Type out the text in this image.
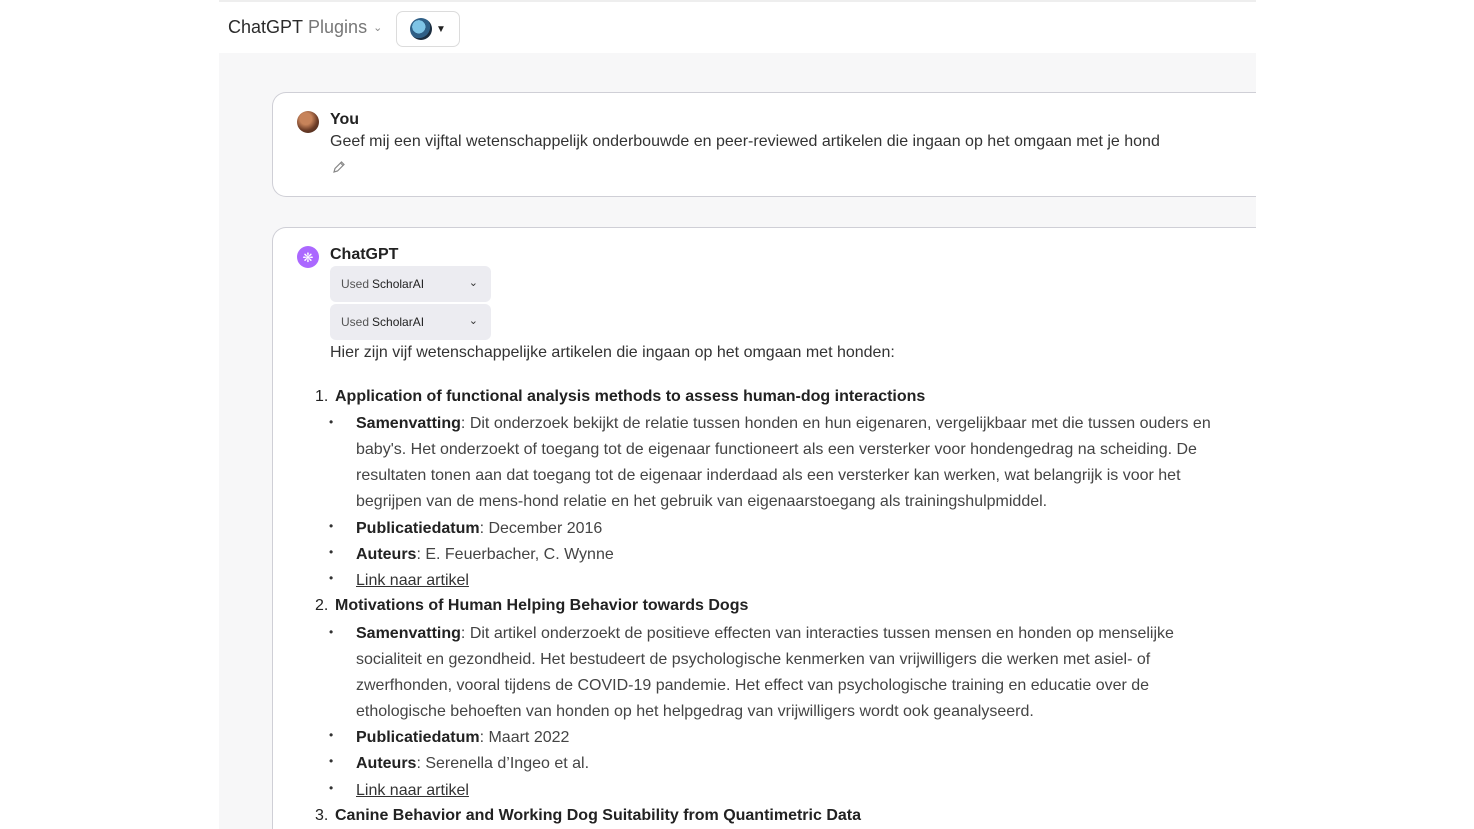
ChatGPT Plugins ⌄	▼
You
Geef mij een vijftal wetenschappelijk onderbouwde en peer-reviewed artikelen die ingaan op het omgaan met je hond
❋ ChatGPT
Used ScholarAI	⌄
Used ScholarAI	⌄
Hier zijn vijf wetenschappelijke artikelen die ingaan op het omgaan met honden:
1. Application of functional analysis methods to assess human-dog interactions
• Samenvatting: Dit onderzoek bekijkt de relatie tussen honden en hun eigenaren, vergelijkbaar met die tussen ouders en baby's. Het onderzoekt of toegang tot de eigenaar functioneert als een versterker voor hondengedrag na scheiding. De resultaten tonen aan dat toegang tot de eigenaar inderdaad als een versterker kan werken, wat belangrijk is voor het begrijpen van de mens-hond relatie en het gebruik van eigenaarstoegang als trainingshulpmiddel.
• Publicatiedatum: December 2016
• Auteurs: E. Feuerbacher, C. Wynne
• Link naar artikel
2. Motivations of Human Helping Behavior towards Dogs
• Samenvatting: Dit artikel onderzoekt de positieve effecten van interacties tussen mensen en honden op menselijke socialiteit en gezondheid. Het bestudeert de psychologische kenmerken van vrijwilligers die werken met asiel- of zwerfhonden, vooral tijdens de COVID-19 pandemie. Het effect van psychologische training en educatie over de ethologische behoeften van honden op het helpgedrag van vrijwilligers wordt ook geanalyseerd.
• Publicatiedatum: Maart 2022
• Auteurs: Serenella d’Ingeo et al.
• Link naar artikel
3. Canine Behavior and Working Dog Suitability from Quantimetric Data
